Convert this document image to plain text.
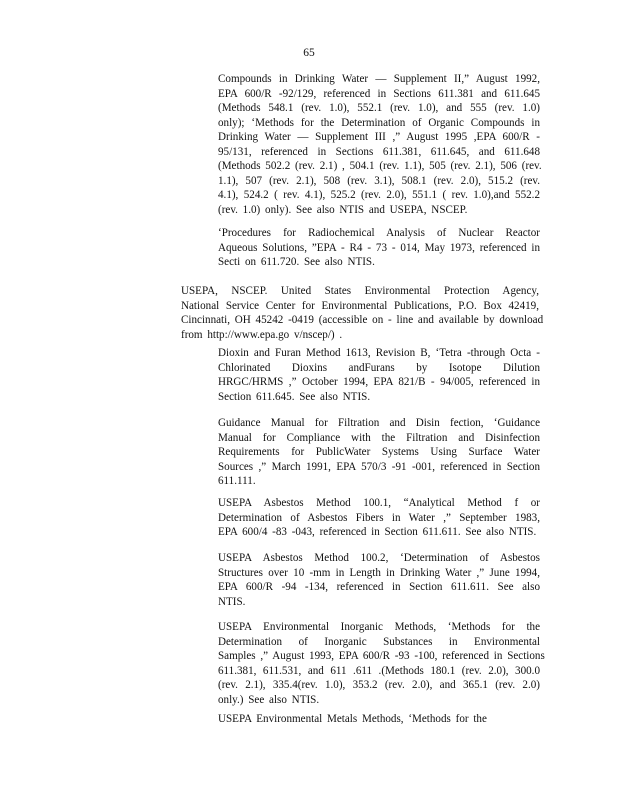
65

Compounds in Drinking Water — Supplement II,” August 1992,
EPA 600/R -92/129, referenced in Sections 611.381 and 611.645
(Methods 548.1 (rev. 1.0), 552.1 (rev. 1.0), and 555 (rev. 1.0)
only); ‘Methods for the Determination of Organic Compounds in
Drinking Water — Supplement III ,” August 1995 ,EPA 600/R -
95/131, referenced in Sections 611.381, 611.645, and 611.648
(Methods 502.2 (rev. 2.1) , 504.1 (rev. 1.1), 505 (rev. 2.1), 506 (rev.
1.1), 507 (rev. 2.1), 508 (rev. 3.1), 508.1 (rev. 2.0), 515.2 (rev.
4.1), 524.2 ( rev. 4.1), 525.2 (rev. 2.0), 551.1 ( rev. 1.0),and 552.2
(rev. 1.0) only). See also NTIS and USEPA, NSCEP.

‘Procedures for Radiochemical Analysis of Nuclear Reactor
Aqueous Solutions, ”EPA - R4 - 73 - 014, May 1973, referenced in
Secti on 611.720. See also NTIS.

USEPA, NSCEP. United States Environmental Protection Agency,
National Service Center for Environmental Publications, P.O. Box 42419,
Cincinnati, OH 45242 -0419 (accessible on - line and available by download
from http://www.epa.go v/nscep/) .

Dioxin and Furan Method 1613, Revision B, ‘Tetra -through Octa -
Chlorinated Dioxins andFurans by Isotope Dilution
HRGC/HRMS ,” October 1994, EPA 821/B - 94/005, referenced in
Section 611.645. See also NTIS.

Guidance Manual for Filtration and Disin fection, ‘Guidance
Manual for Compliance with the Filtration and Disinfection
Requirements for PublicWater Systems Using Surface Water
Sources ,” March 1991, EPA 570/3 -91 -001, referenced in Section
611.111.

USEPA Asbestos Method 100.1, “Analytical Method f or
Determination of Asbestos Fibers in Water ,” September 1983,
EPA 600/4 -83 -043, referenced in Section 611.611. See also NTIS.

USEPA Asbestos Method 100.2, ‘Determination of Asbestos
Structures over 10 -mm in Length in Drinking Water ,” June 1994,
EPA 600/R -94 -134, referenced in Section 611.611. See also
NTIS.

USEPA Environmental Inorganic Methods, ‘Methods for the
Determination of Inorganic Substances in Environmental
Samples ,” August 1993, EPA 600/R -93 -100, referenced in Sections
611.381, 611.531, and 611 .611 .(Methods 180.1 (rev. 2.0), 300.0
(rev. 2.1), 335.4(rev. 1.0), 353.2 (rev. 2.0), and 365.1 (rev. 2.0)
only.) See also NTIS.

USEPA Environmental Metals Methods, ‘Methods for the
